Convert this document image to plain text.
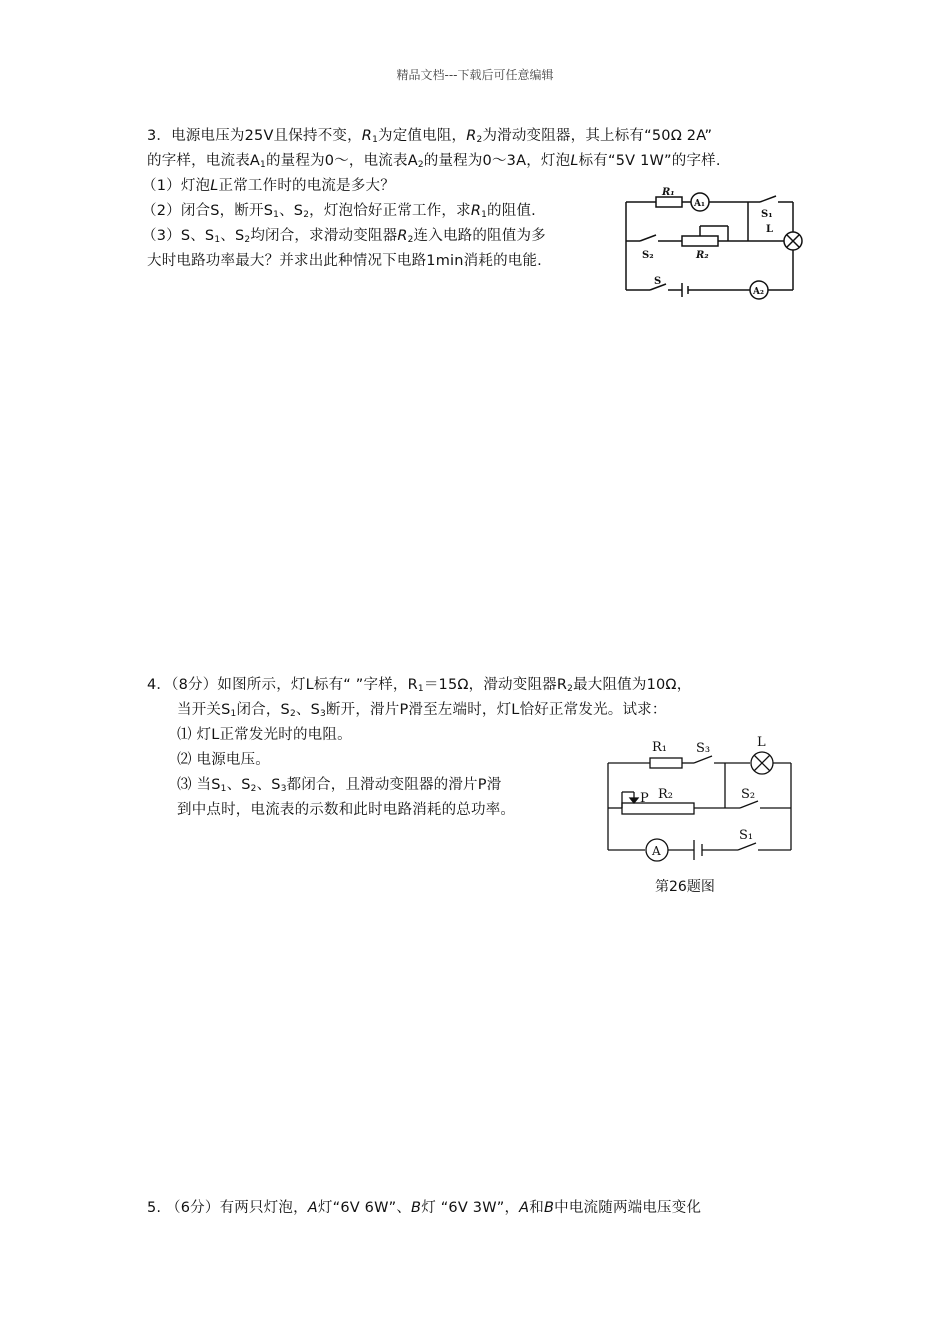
精品文档---下载后可任意编辑
3．电源电压为25V且保持不变，$R_1$为定值电阻，$R_2$为滑动变阻器，其上标有“50Ω 2A”
的字样，电流表$A_1$的量程为0～，电流表$A_2$的量程为0～3A，灯泡L标有“5V 1W”的字样.
（1）灯泡L正常工作时的电流是多大？
（2）闭合S，断开$S_1$、$S_2$，灯泡恰好正常工作，求$R_1$的阻值.
（3）S、$S_1$、$S_2$均闭合，求滑动变阻器$R_2$连入电路的阻值为多
大时电路功率最大？并求出此种情况下电路1min消耗的电能.
R₁
A₁
S₁
L
S₂	R₂
S
A₂
4．（8分）如图所示，灯L标有“ ”字样，$R_1=15\Omega$，滑动变阻器$R_2$最大阻值为10Ω，
当开关$S_1$闭合，$S_2$、$S_3$断开，滑片P滑至左端时，灯L恰好正常发光。试求：
⑴ 灯L正常发光时的电阻。
⑵ 电源电压。
⑶ 当$S_1$、$S_2$、$S_3$都闭合，且滑动变阻器的滑片P滑
到中点时，电流表的示数和此时电路消耗的总功率。
R₁ S₃	L
P R₂	S₂
A
S₁
第26题图
5. （6分）有两只灯泡，A灯“6V 6W”、B灯 “6V 3W”，A和B中电流随两端电压变化
